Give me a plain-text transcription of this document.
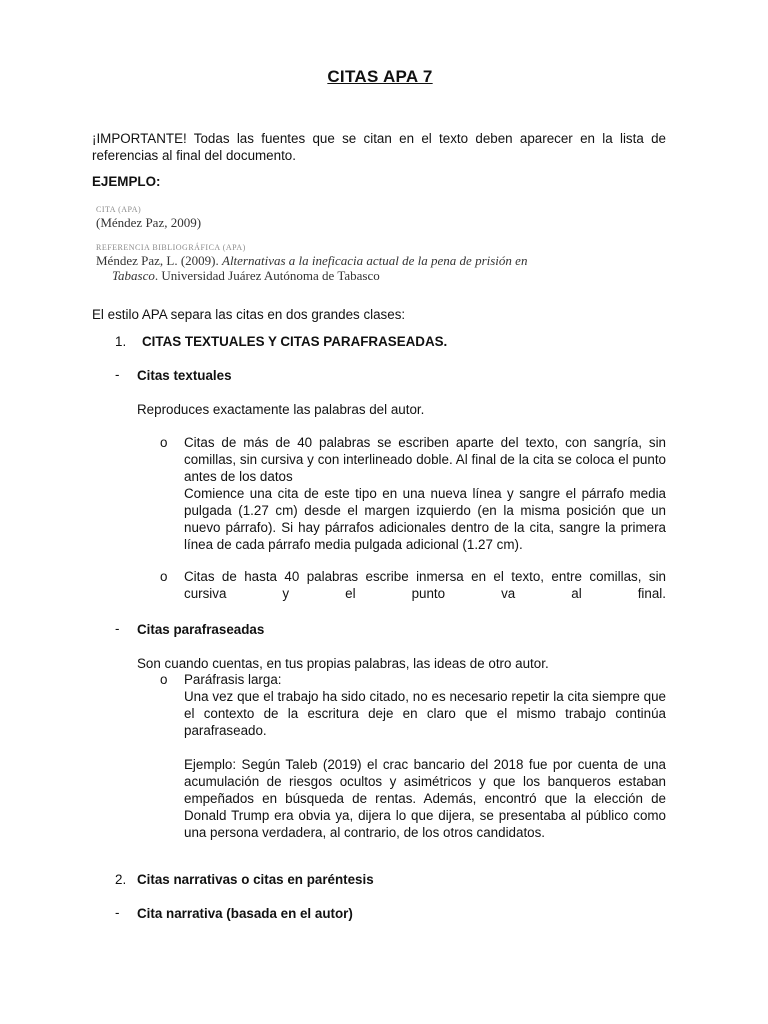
CITAS APA 7

¡IMPORTANTE! Todas las fuentes que se citan en el texto deben aparecer en la lista de referencias al final del documento.

EJEMPLO:

CITA (APA)
(Méndez Paz, 2009)
REFERENCIA BIBLIOGRÁFICA (APA)
Méndez Paz, L. (2009). Alternativas a la ineficacia actual de la pena de prisión en
Tabasco. Universidad Juárez Autónoma de Tabasco

El estilo APA separa las citas en dos grandes clases:

1. CITAS TEXTUALES Y CITAS PARAFRASEADAS.
- Citas textuales

Reproduces exactamente las palabras del autor.

o Citas de más de 40 palabras se escriben aparte del texto, con sangría, sin comillas, sin cursiva y con interlineado doble. Al final de la cita se coloca el punto antes de los datos

Comience una cita de este tipo en una nueva línea y sangre el párrafo media pulgada (1.27 cm) desde el margen izquierdo (en la misma posición que un nuevo párrafo). Si hay párrafos adicionales dentro de la cita, sangre la primera línea de cada párrafo media pulgada adicional (1.27 cm).

o Citas de hasta 40 palabras escribe inmersa en el texto, entre comillas, sin

cursiva y el punto va al final.

- Citas parafraseadas

Son cuando cuentas, en tus propias palabras, las ideas de otro autor.

o Paráfrasis larga:

Una vez que el trabajo ha sido citado, no es necesario repetir la cita siempre que el contexto de la escritura deje en claro que el mismo trabajo continúa parafraseado.

Ejemplo: Según Taleb (2019) el crac bancario del 2018 fue por cuenta de una acumulación de riesgos ocultos y asimétricos y que los banqueros estaban empeñados en búsqueda de rentas. Además, encontró que la elección de Donald Trump era obvia ya, dijera lo que dijera, se presentaba al público como una persona verdadera, al contrario, de los otros candidatos.

2. Citas narrativas o citas en paréntesis
- Cita narrativa (basada en el autor)
